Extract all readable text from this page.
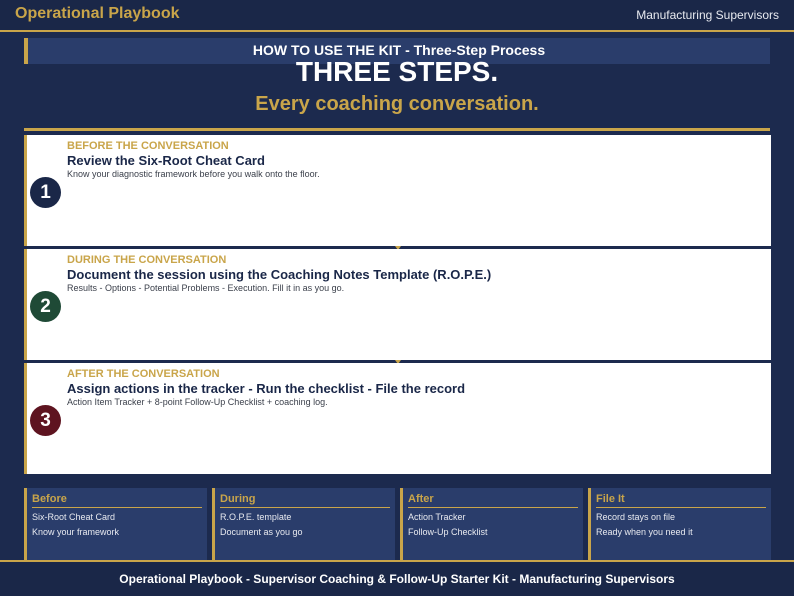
Operational Playbook	Manufacturing Supervisors
HOW TO USE THE KIT - Three-Step Process
THREE STEPS.
Every coaching conversation.
1
BEFORE THE CONVERSATION
Review the Six-Root Cheat Card
Know your diagnostic framework before you walk onto the floor.
2
DURING THE CONVERSATION
Document the session using the Coaching Notes Template (R.O.P.E.)
Results - Options - Potential Problems - Execution. Fill it in as you go.
3
AFTER THE CONVERSATION
Assign actions in the tracker - Run the checklist - File the record
Action Item Tracker + 8-point Follow-Up Checklist + coaching log.
Before
Six-Root Cheat Card
Know your framework
During
R.O.P.E. template
Document as you go
After
Action Tracker
Follow-Up Checklist
File It
Record stays on file
Ready when you need it
Operational Playbook - Supervisor Coaching & Follow-Up Starter Kit - Manufacturing Supervisors
